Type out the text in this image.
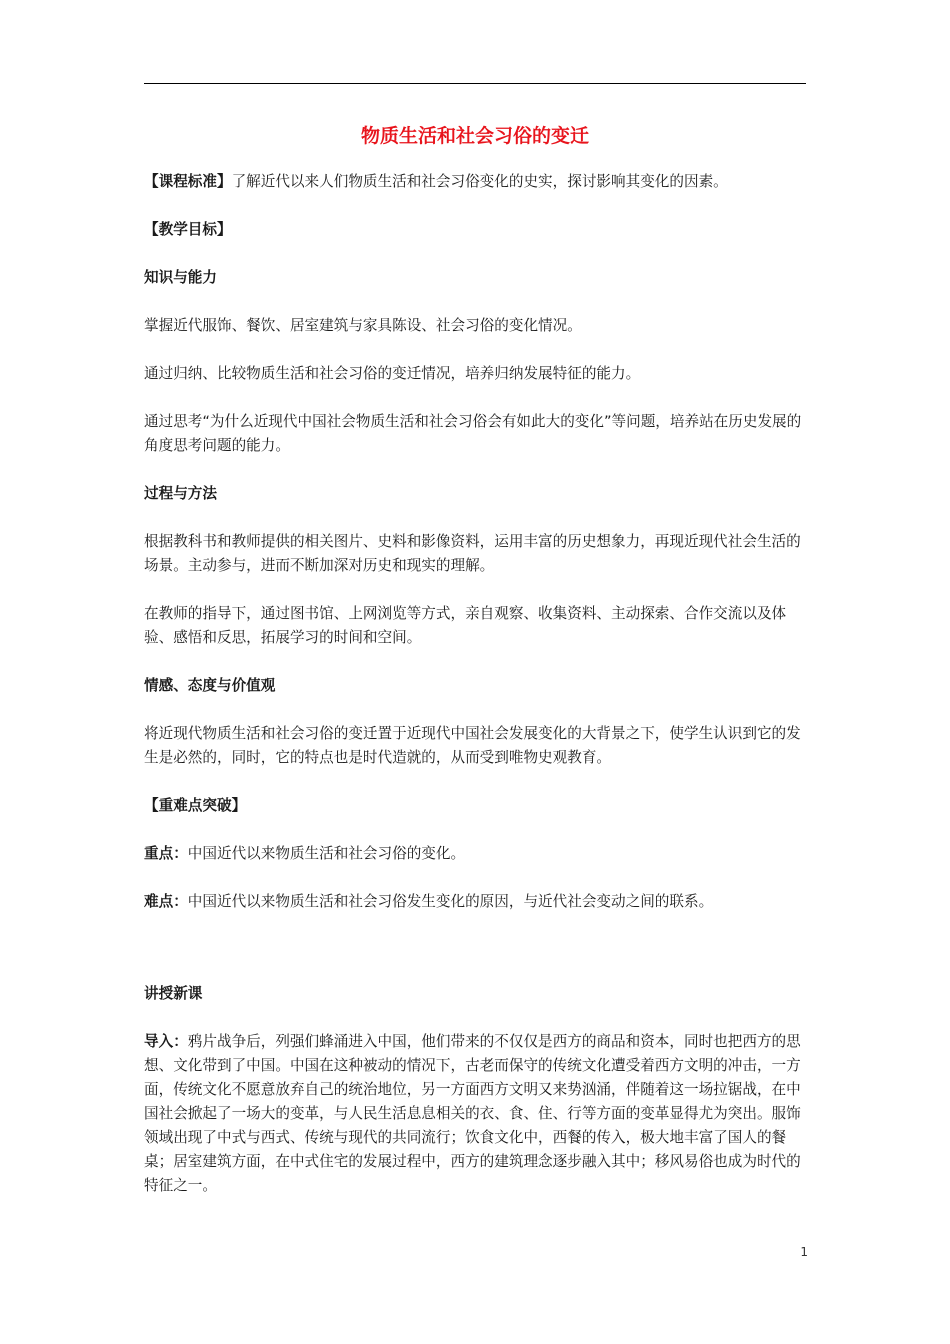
物质生活和社会习俗的变迁

【课程标准】了解近代以来人们物质生活和社会习俗变化的史实，探讨影响其变化的因素。

【教学目标】

知识与能力

掌握近代服饰、餐饮、居室建筑与家具陈设、社会习俗的变化情况。

通过归纳、比较物质生活和社会习俗的变迁情况，培养归纳发展特征的能力。

通过思考“为什么近现代中国社会物质生活和社会习俗会有如此大的变化”等问题，培养站在历史发展的角度思考问题的能力。

过程与方法

根据教科书和教师提供的相关图片、史料和影像资料，运用丰富的历史想象力，再现近现代社会生活的场景。主动参与，进而不断加深对历史和现实的理解。

在教师的指导下，通过图书馆、上网浏览等方式，亲自观察、收集资料、主动探索、合作交流以及体验、感悟和反思，拓展学习的时间和空间。

情感、态度与价值观

将近现代物质生活和社会习俗的变迁置于近现代中国社会发展变化的大背景之下，使学生认识到它的发生是必然的，同时，它的特点也是时代造就的，从而受到唯物史观教育。

【重难点突破】

重点：中国近代以来物质生活和社会习俗的变化。

难点：中国近代以来物质生活和社会习俗发生变化的原因，与近代社会变动之间的联系。

讲授新课

导入：鸦片战争后，列强们蜂涌进入中国，他们带来的不仅仅是西方的商品和资本，同时也把西方的思想、文化带到了中国。中国在这种被动的情况下，古老而保守的传统文化遭受着西方文明的冲击，一方面，传统文化不愿意放弃自己的统治地位，另一方面西方文明又来势汹涌，伴随着这一场拉锯战，在中国社会掀起了一场大的变革，与人民生活息息相关的衣、食、住、行等方面的变革显得尤为突出。服饰领域出现了中式与西式、传统与现代的共同流行；饮食文化中，西餐的传入，极大地丰富了国人的餐桌；居室建筑方面，在中式住宅的发展过程中，西方的建筑理念逐步融入其中；移风易俗也成为时代的特征之一。

1
